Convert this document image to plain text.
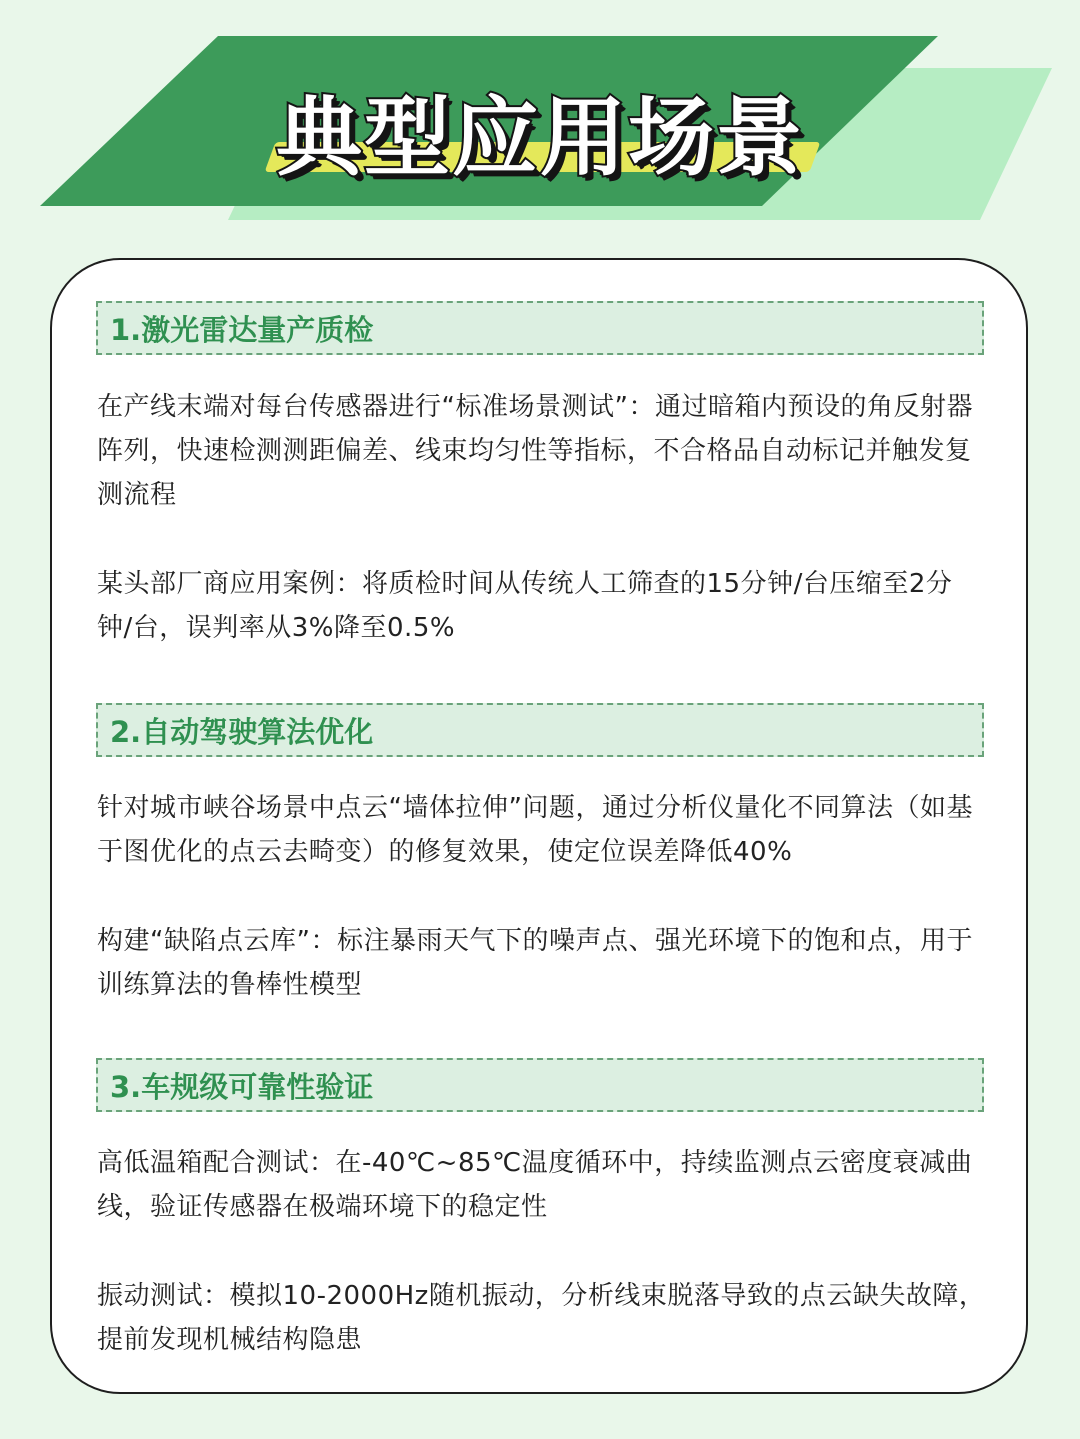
典型应用场景
1.激光雷达量产质检

在产线末端对每台传感器进行“标准场景测试”：通过暗箱内预设的角反射器阵列，快速检测测距偏差、线束均匀性等指标，不合格品自动标记并触发复测流程

某头部厂商应用案例：将质检时间从传统人工筛查的15分钟/台压缩至2分钟/台，误判率从3%降至0.5%

2.自动驾驶算法优化

针对城市峡谷场景中点云“墙体拉伸”问题，通过分析仪量化不同算法（如基于图优化的点云去畸变）的修复效果，使定位误差降低40%

构建“缺陷点云库”：标注暴雨天气下的噪声点、强光环境下的饱和点，用于训练算法的鲁棒性模型

3.车规级可靠性验证

高低温箱配合测试：在-40℃~85℃温度循环中，持续监测点云密度衰减曲线，验证传感器在极端环境下的稳定性

振动测试：模拟10-2000Hz随机振动，分析线束脱落导致的点云缺失故障，提前发现机械结构隐患
